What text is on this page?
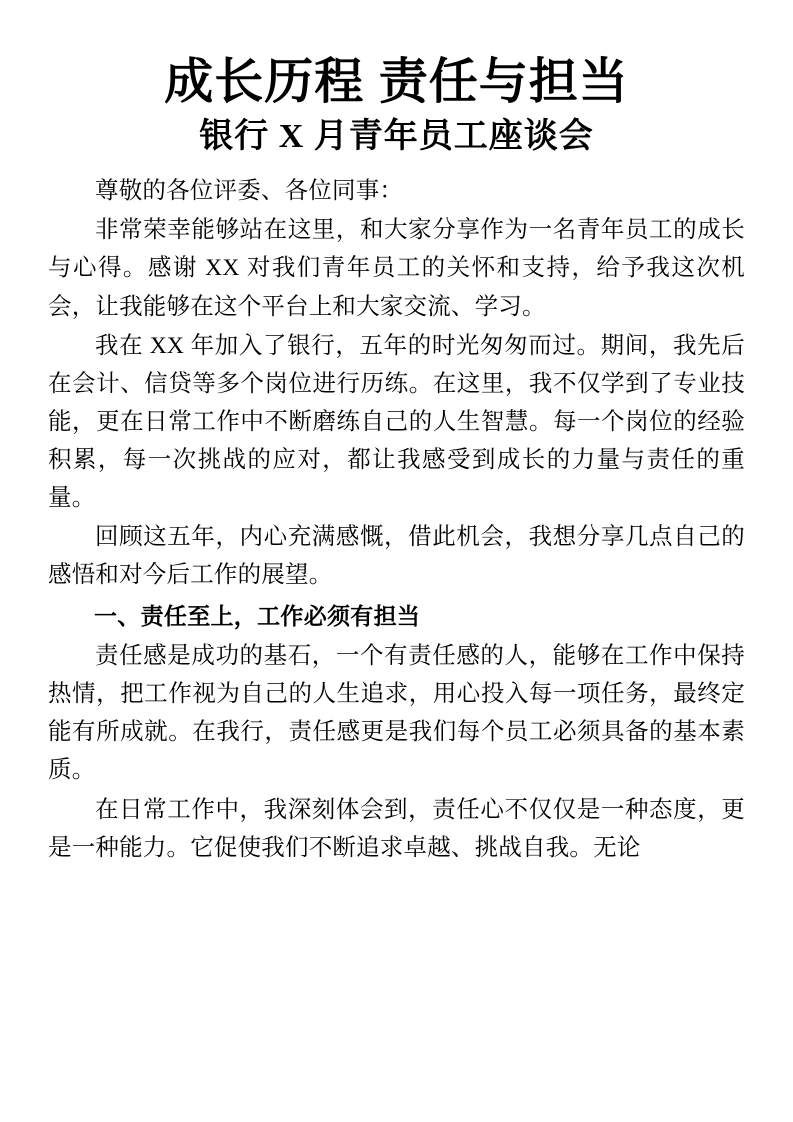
成长历程 责任与担当
银行 X 月青年员工座谈会

尊敬的各位评委、各位同事：

非常荣幸能够站在这里，和大家分享作为一名青年员工的成长与心得。感谢 XX 对我们青年员工的关怀和支持，给予我这次机会，让我能够在这个平台上和大家交流、学习。

我在 XX 年加入了银行，五年的时光匆匆而过。期间，我先后在会计、信贷等多个岗位进行历练。在这里，我不仅学到了专业技能，更在日常工作中不断磨练自己的人生智慧。每一个岗位的经验积累，每一次挑战的应对，都让我感受到成长的力量与责任的重量。

回顾这五年，内心充满感慨，借此机会，我想分享几点自己的感悟和对今后工作的展望。

一、责任至上，工作必须有担当

责任感是成功的基石，一个有责任感的人，能够在工作中保持热情，把工作视为自己的人生追求，用心投入每一项任务，最终定能有所成就。在我行，责任感更是我们每个员工必须具备的基本素质。

在日常工作中，我深刻体会到，责任心不仅仅是一种态度，更是一种能力。它促使我们不断追求卓越、挑战自我。无论
